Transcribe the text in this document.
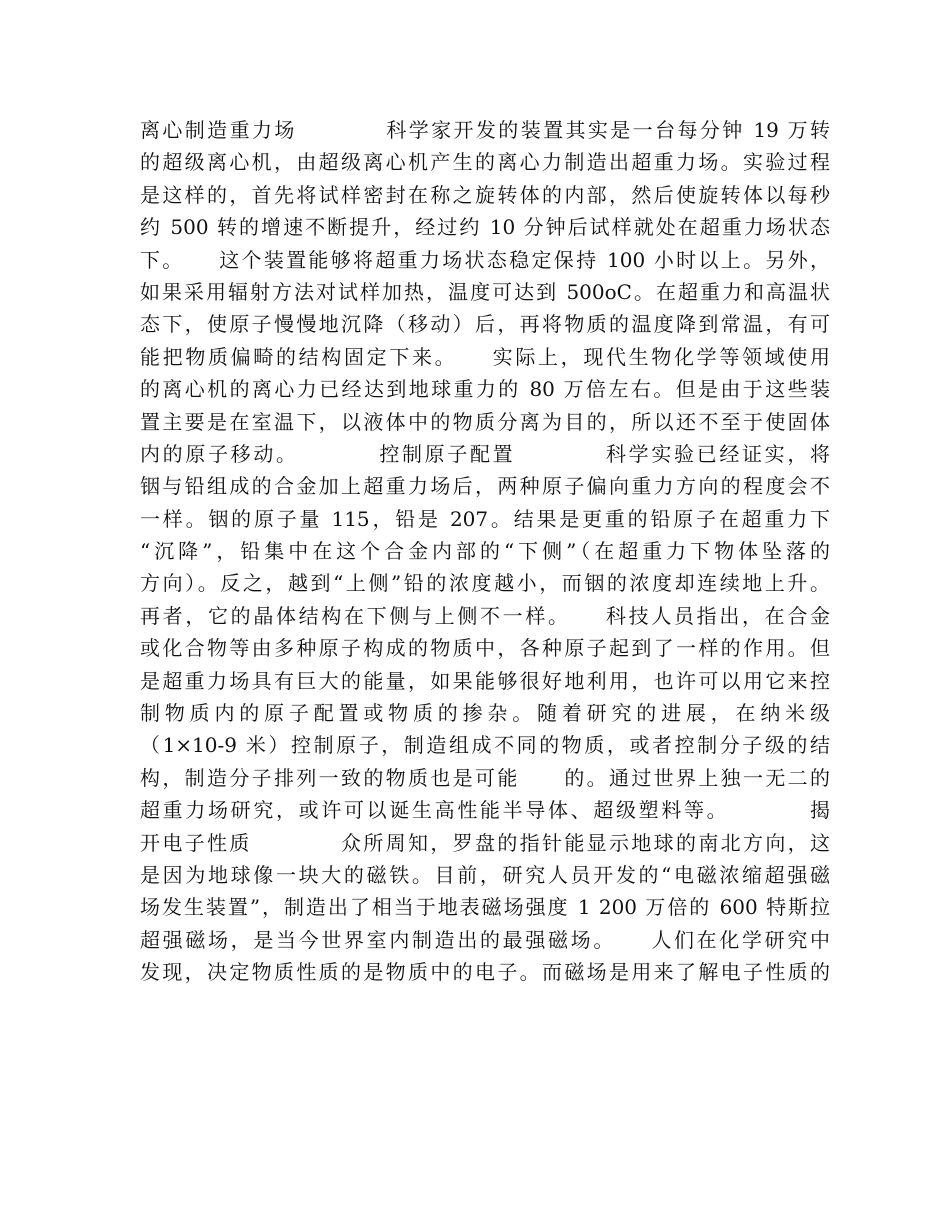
离心制造重力场　　　　科学家开发的装置其实是一台每分钟 19 万转
的超级离心机，由超级离心机产生的离心力制造出超重力场。实验过程
是这样的，首先将试样密封在称之旋转体的内部，然后使旋转体以每秒
约 500 转的增速不断提升，经过约 10 分钟后试样就处在超重力场状态
下。　　这个装置能够将超重力场状态稳定保持 100 小时以上。另外，
如果采用辐射方法对试样加热，温度可达到 500oC。在超重力和高温状
态下，使原子慢慢地沉降（移动）后，再将物质的温度降到常温，有可
能把物质偏畸的结构固定下来。　　实际上，现代生物化学等领域使用
的离心机的离心力已经达到地球重力的 80 万倍左右。但是由于这些装
置主要是在室温下，以液体中的物质分离为目的，所以还不至于使固体
内的原子移动。　　　　控制原子配置　　　　科学实验已经证实，将
铟与铅组成的合金加上超重力场后，两种原子偏向重力方向的程度会不
一样。铟的原子量 115，铅是 207。结果是更重的铅原子在超重力下
“沉降”，铅集中在这个合金内部的“下侧”（在超重力下物体坠落的
方向）。反之，越到“上侧”铅的浓度越小，而铟的浓度却连续地上升。
再者，它的晶体结构在下侧与上侧不一样。　　科技人员指出，在合金
或化合物等由多种原子构成的物质中，各种原子起到了一样的作用。但
是超重力场具有巨大的能量，如果能够很好地利用，也许可以用它来控
制物质内的原子配置或物质的掺杂。随着研究的进展，在纳米级
（1×10-9 米）控制原子，制造组成不同的物质，或者控制分子级的结
构，制造分子排列一致的物质也是可能　　的。通过世界上独一无二的
超重力场研究，或许可以诞生高性能半导体、超级塑料等。　　　　揭
开电子性质　　　　众所周知，罗盘的指针能显示地球的南北方向，这
是因为地球像一块大的磁铁。目前，研究人员开发的“电磁浓缩超强磁
场发生装置”，制造出了相当于地表磁场强度 1 200 万倍的 600 特斯拉
超强磁场，是当今世界室内制造出的最强磁场。　　人们在化学研究中
发现，决定物质性质的是物质中的电子。而磁场是用来了解电子性质的
